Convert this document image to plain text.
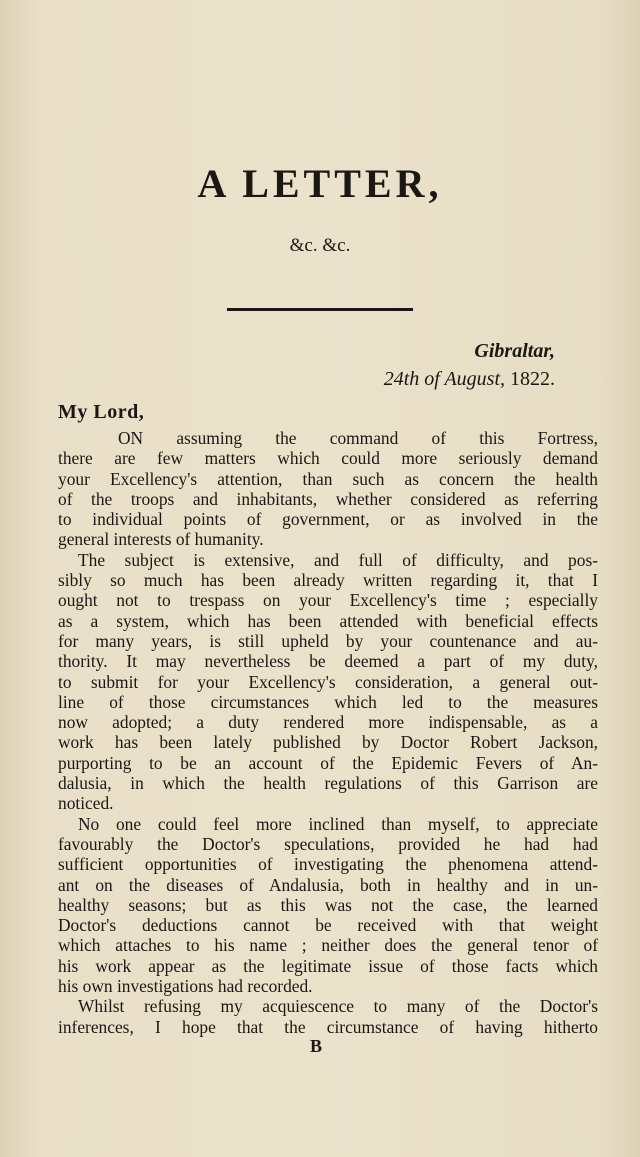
A LETTER,
&c. &c.
Gibraltar,
24th of August, 1822.
My Lord,
ON assuming the command of this Fortress,
there are few matters which could more seriously demand
your Excellency's attention, than such as concern the health
of the troops and inhabitants, whether considered as referring
to individual points of government, or as involved in the
general interests of humanity.
The subject is extensive, and full of difficulty, and pos-
sibly so much has been already written regarding it, that I
ought not to trespass on your Excellency's time ; especially
as a system, which has been attended with beneficial effects
for many years, is still upheld by your countenance and au-
thority. It may nevertheless be deemed a part of my duty,
to submit for your Excellency's consideration, a general out-
line of those circumstances which led to the measures
now adopted; a duty rendered more indispensable, as a
work has been lately published by Doctor Robert Jackson,
purporting to be an account of the Epidemic Fevers of An-
dalusia, in which the health regulations of this Garrison are
noticed.
No one could feel more inclined than myself, to appreciate
favourably the Doctor's speculations, provided he had had
sufficient opportunities of investigating the phenomena attend-
ant on the diseases of Andalusia, both in healthy and in un-
healthy seasons; but as this was not the case, the learned
Doctor's deductions cannot be received with that weight
which attaches to his name ; neither does the general tenor of
his work appear as the legitimate issue of those facts which
his own investigations had recorded.
Whilst refusing my acquiescence to many of the Doctor's
inferences, I hope that the circumstance of having hitherto
B
